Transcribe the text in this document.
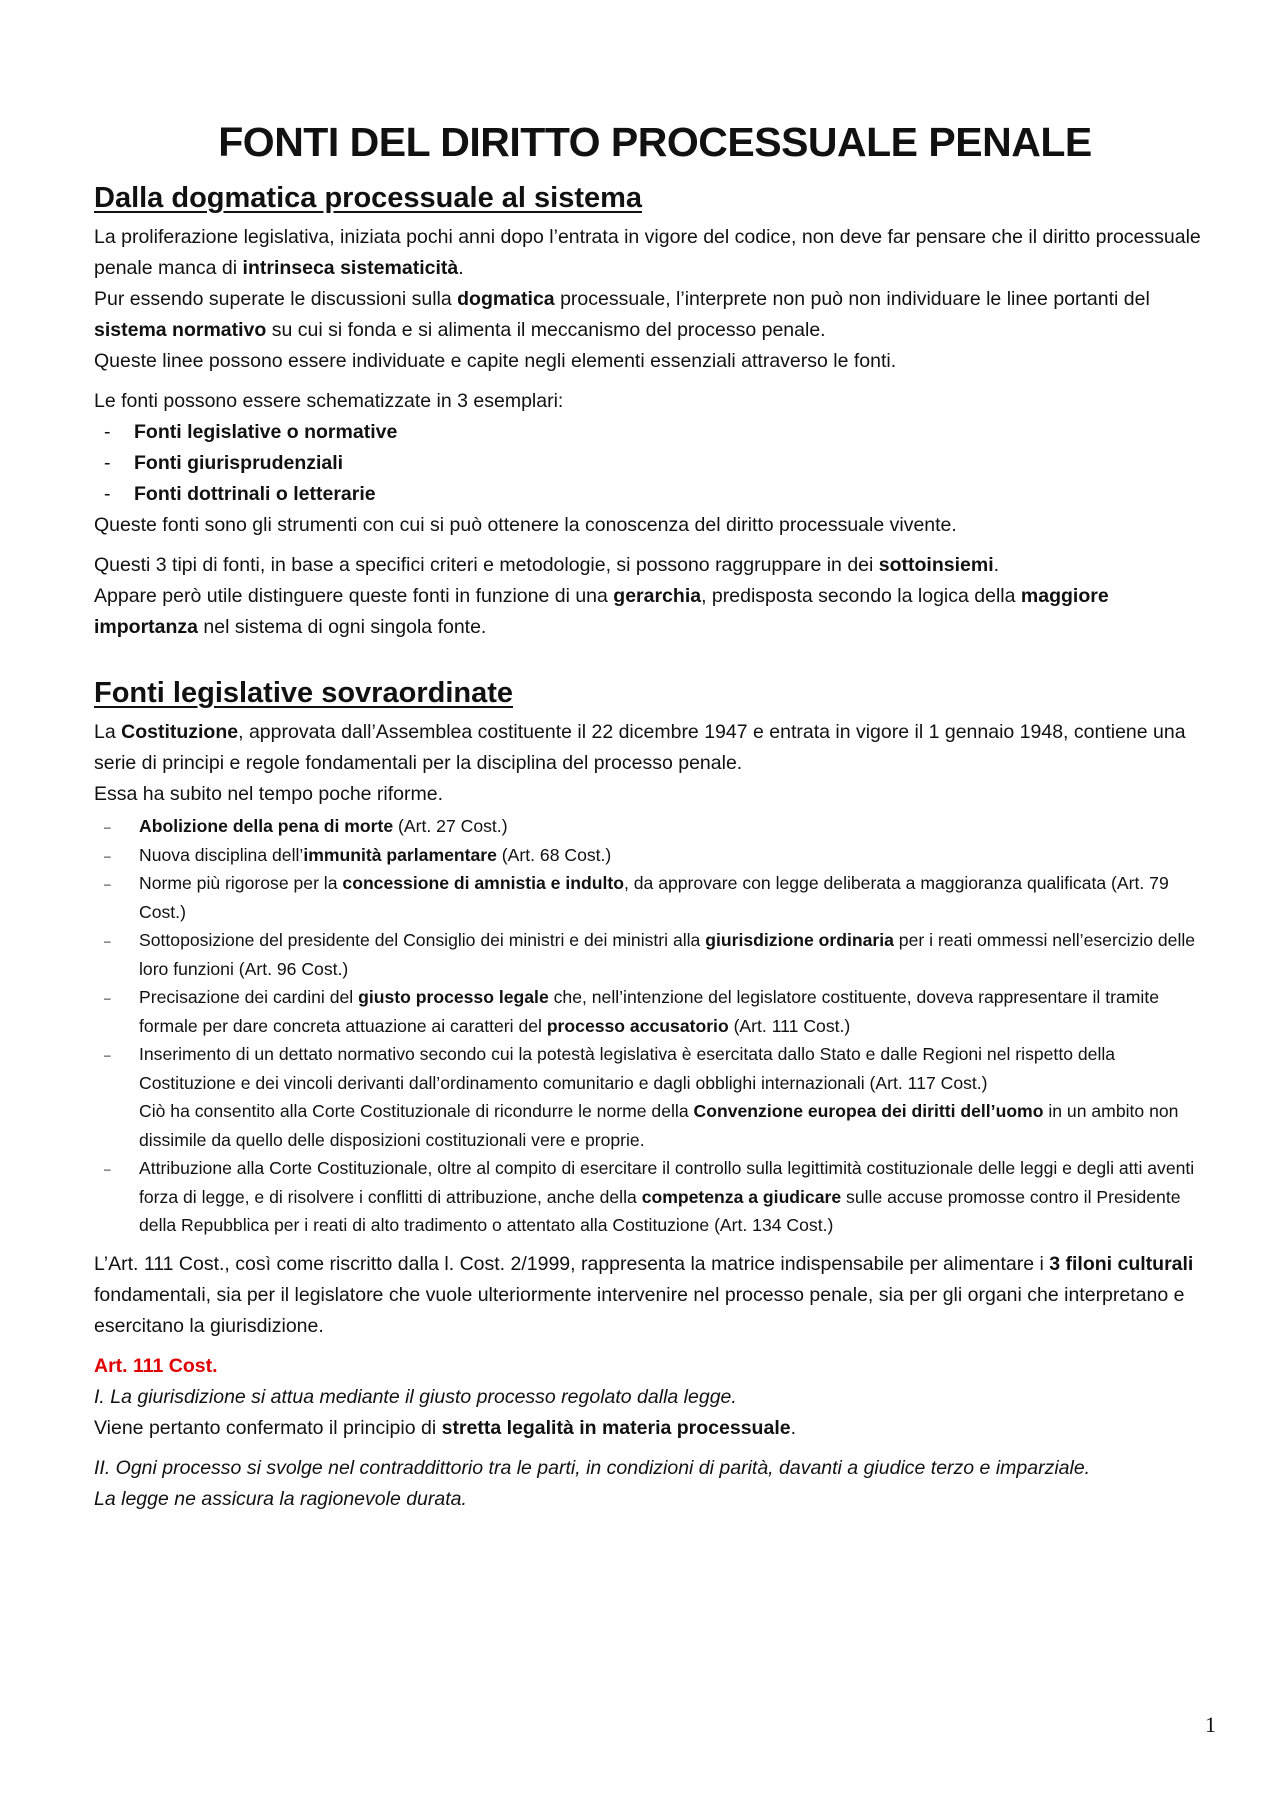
FONTI DEL DIRITTO PROCESSUALE PENALE
Dalla dogmatica processuale al sistema

La proliferazione legislativa, iniziata pochi anni dopo l’entrata in vigore del codice, non deve far pensare che il diritto processuale penale manca di intrinseca sistematicità.

Pur essendo superate le discussioni sulla dogmatica processuale, l’interprete non può non individuare le linee portanti del sistema normativo su cui si fonda e si alimenta il meccanismo del processo penale.

Queste linee possono essere individuate e capite negli elementi essenziali attraverso le fonti.

Le fonti possono essere schematizzate in 3 esemplari:

- Fonti legislative o normative
- Fonti giurisprudenziali
- Fonti dottrinali o letterarie

Queste fonti sono gli strumenti con cui si può ottenere la conoscenza del diritto processuale vivente.

Questi 3 tipi di fonti, in base a specifici criteri e metodologie, si possono raggruppare in dei sottoinsiemi.

Appare però utile distinguere queste fonti in funzione di una gerarchia, predisposta secondo la logica della maggiore importanza nel sistema di ogni singola fonte.

Fonti legislative sovraordinate

La Costituzione, approvata dall’Assemblea costituente il 22 dicembre 1947 e entrata in vigore il 1 gennaio 1948, contiene una serie di principi e regole fondamentali per la disciplina del processo penale.

Essa ha subito nel tempo poche riforme.

– Abolizione della pena di morte (Art. 27 Cost.)
– Nuova disciplina dell’immunità parlamentare (Art. 68 Cost.)
– Norme più rigorose per la concessione di amnistia e indulto, da approvare con legge deliberata a maggioranza qualificata (Art. 79 Cost.)
– Sottoposizione del presidente del Consiglio dei ministri e dei ministri alla giurisdizione ordinaria per i reati ommessi nell’esercizio delle loro funzioni (Art. 96 Cost.)
– Precisazione dei cardini del giusto processo legale che, nell’intenzione del legislatore costituente, doveva rappresentare il tramite formale per dare concreta attuazione ai caratteri del processo accusatorio (Art. 111 Cost.)
– Inserimento di un dettato normativo secondo cui la potestà legislativa è esercitata dallo Stato e dalle Regioni nel rispetto della Costituzione e dei vincoli derivanti dall’ordinamento comunitario e dagli obblighi internazionali (Art. 117 Cost.)
Ciò ha consentito alla Corte Costituzionale di ricondurre le norme della Convenzione europea dei diritti dell’uomo in un ambito non dissimile da quello delle disposizioni costituzionali vere e proprie.
– Attribuzione alla Corte Costituzionale, oltre al compito di esercitare il controllo sulla legittimità costituzionale delle leggi e degli atti aventi forza di legge, e di risolvere i conflitti di attribuzione, anche della competenza a giudicare sulle accuse promosse contro il Presidente della Repubblica per i reati di alto tradimento o attentato alla Costituzione (Art. 134 Cost.)

L’Art. 111 Cost., così come riscritto dalla l. Cost. 2/1999, rappresenta la matrice indispensabile per alimentare i 3 filoni culturali fondamentali, sia per il legislatore che vuole ulteriormente intervenire nel processo penale, sia per gli organi che interpretano e esercitano la giurisdizione.

Art. 111 Cost.

I. La giurisdizione si attua mediante il giusto processo regolato dalla legge.

Viene pertanto confermato il principio di stretta legalità in materia processuale.

II. Ogni processo si svolge nel contraddittorio tra le parti, in condizioni di parità, davanti a giudice terzo e imparziale.

La legge ne assicura la ragionevole durata.

1
